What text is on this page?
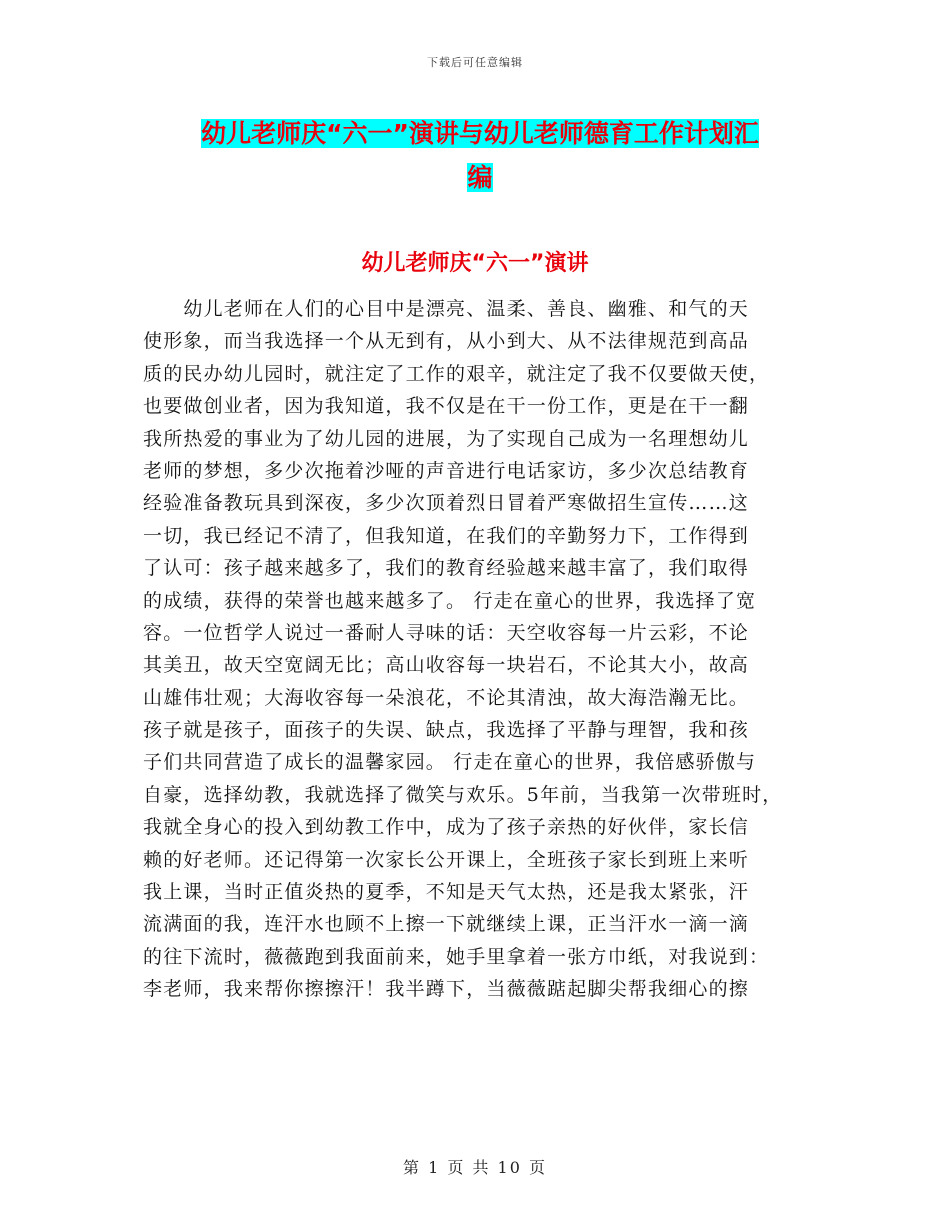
下载后可任意编辑
幼儿老师庆“六一”演讲与幼儿老师德育工作计划汇
编
幼儿老师庆“六一”演讲
　　幼儿老师在人们的心目中是漂亮、温柔、善良、幽雅、和气的天
使形象，而当我选择一个从无到有，从小到大、从不法律规范到高品
质的民办幼儿园时，就注定了工作的艰辛，就注定了我不仅要做天使，
也要做创业者，因为我知道，我不仅是在干一份工作，更是在干一翻
我所热爱的事业为了幼儿园的进展，为了实现自己成为一名理想幼儿
老师的梦想，多少次拖着沙哑的声音进行电话家访，多少次总结教育
经验准备教玩具到深夜，多少次顶着烈日冒着严寒做招生宣传……这
一切，我已经记不清了，但我知道，在我们的辛勤努力下，工作得到
了认可：孩子越来越多了，我们的教育经验越来越丰富了，我们取得
的成绩，获得的荣誉也越来越多了。 行走在童心的世界，我选择了宽
容。一位哲学人说过一番耐人寻味的话：天空收容每一片云彩，不论
其美丑，故天空宽阔无比；高山收容每一块岩石，不论其大小，故高
山雄伟壮观；大海收容每一朵浪花，不论其清浊，故大海浩瀚无比。
孩子就是孩子，面孩子的失误、缺点，我选择了平静与理智，我和孩
子们共同营造了成长的温馨家园。 行走在童心的世界，我倍感骄傲与
自豪，选择幼教，我就选择了微笑与欢乐。5年前，当我第一次带班时，
我就全身心的投入到幼教工作中，成为了孩子亲热的好伙伴，家长信
赖的好老师。还记得第一次家长公开课上，全班孩子家长到班上来听
我上课，当时正值炎热的夏季，不知是天气太热，还是我太紧张，汗
流满面的我，连汗水也顾不上擦一下就继续上课，正当汗水一滴一滴
的往下流时，薇薇跑到我面前来，她手里拿着一张方巾纸，对我说到：
李老师，我来帮你擦擦汗！我半蹲下，当薇薇踮起脚尖帮我细心的擦
第 1 页 共 10 页
